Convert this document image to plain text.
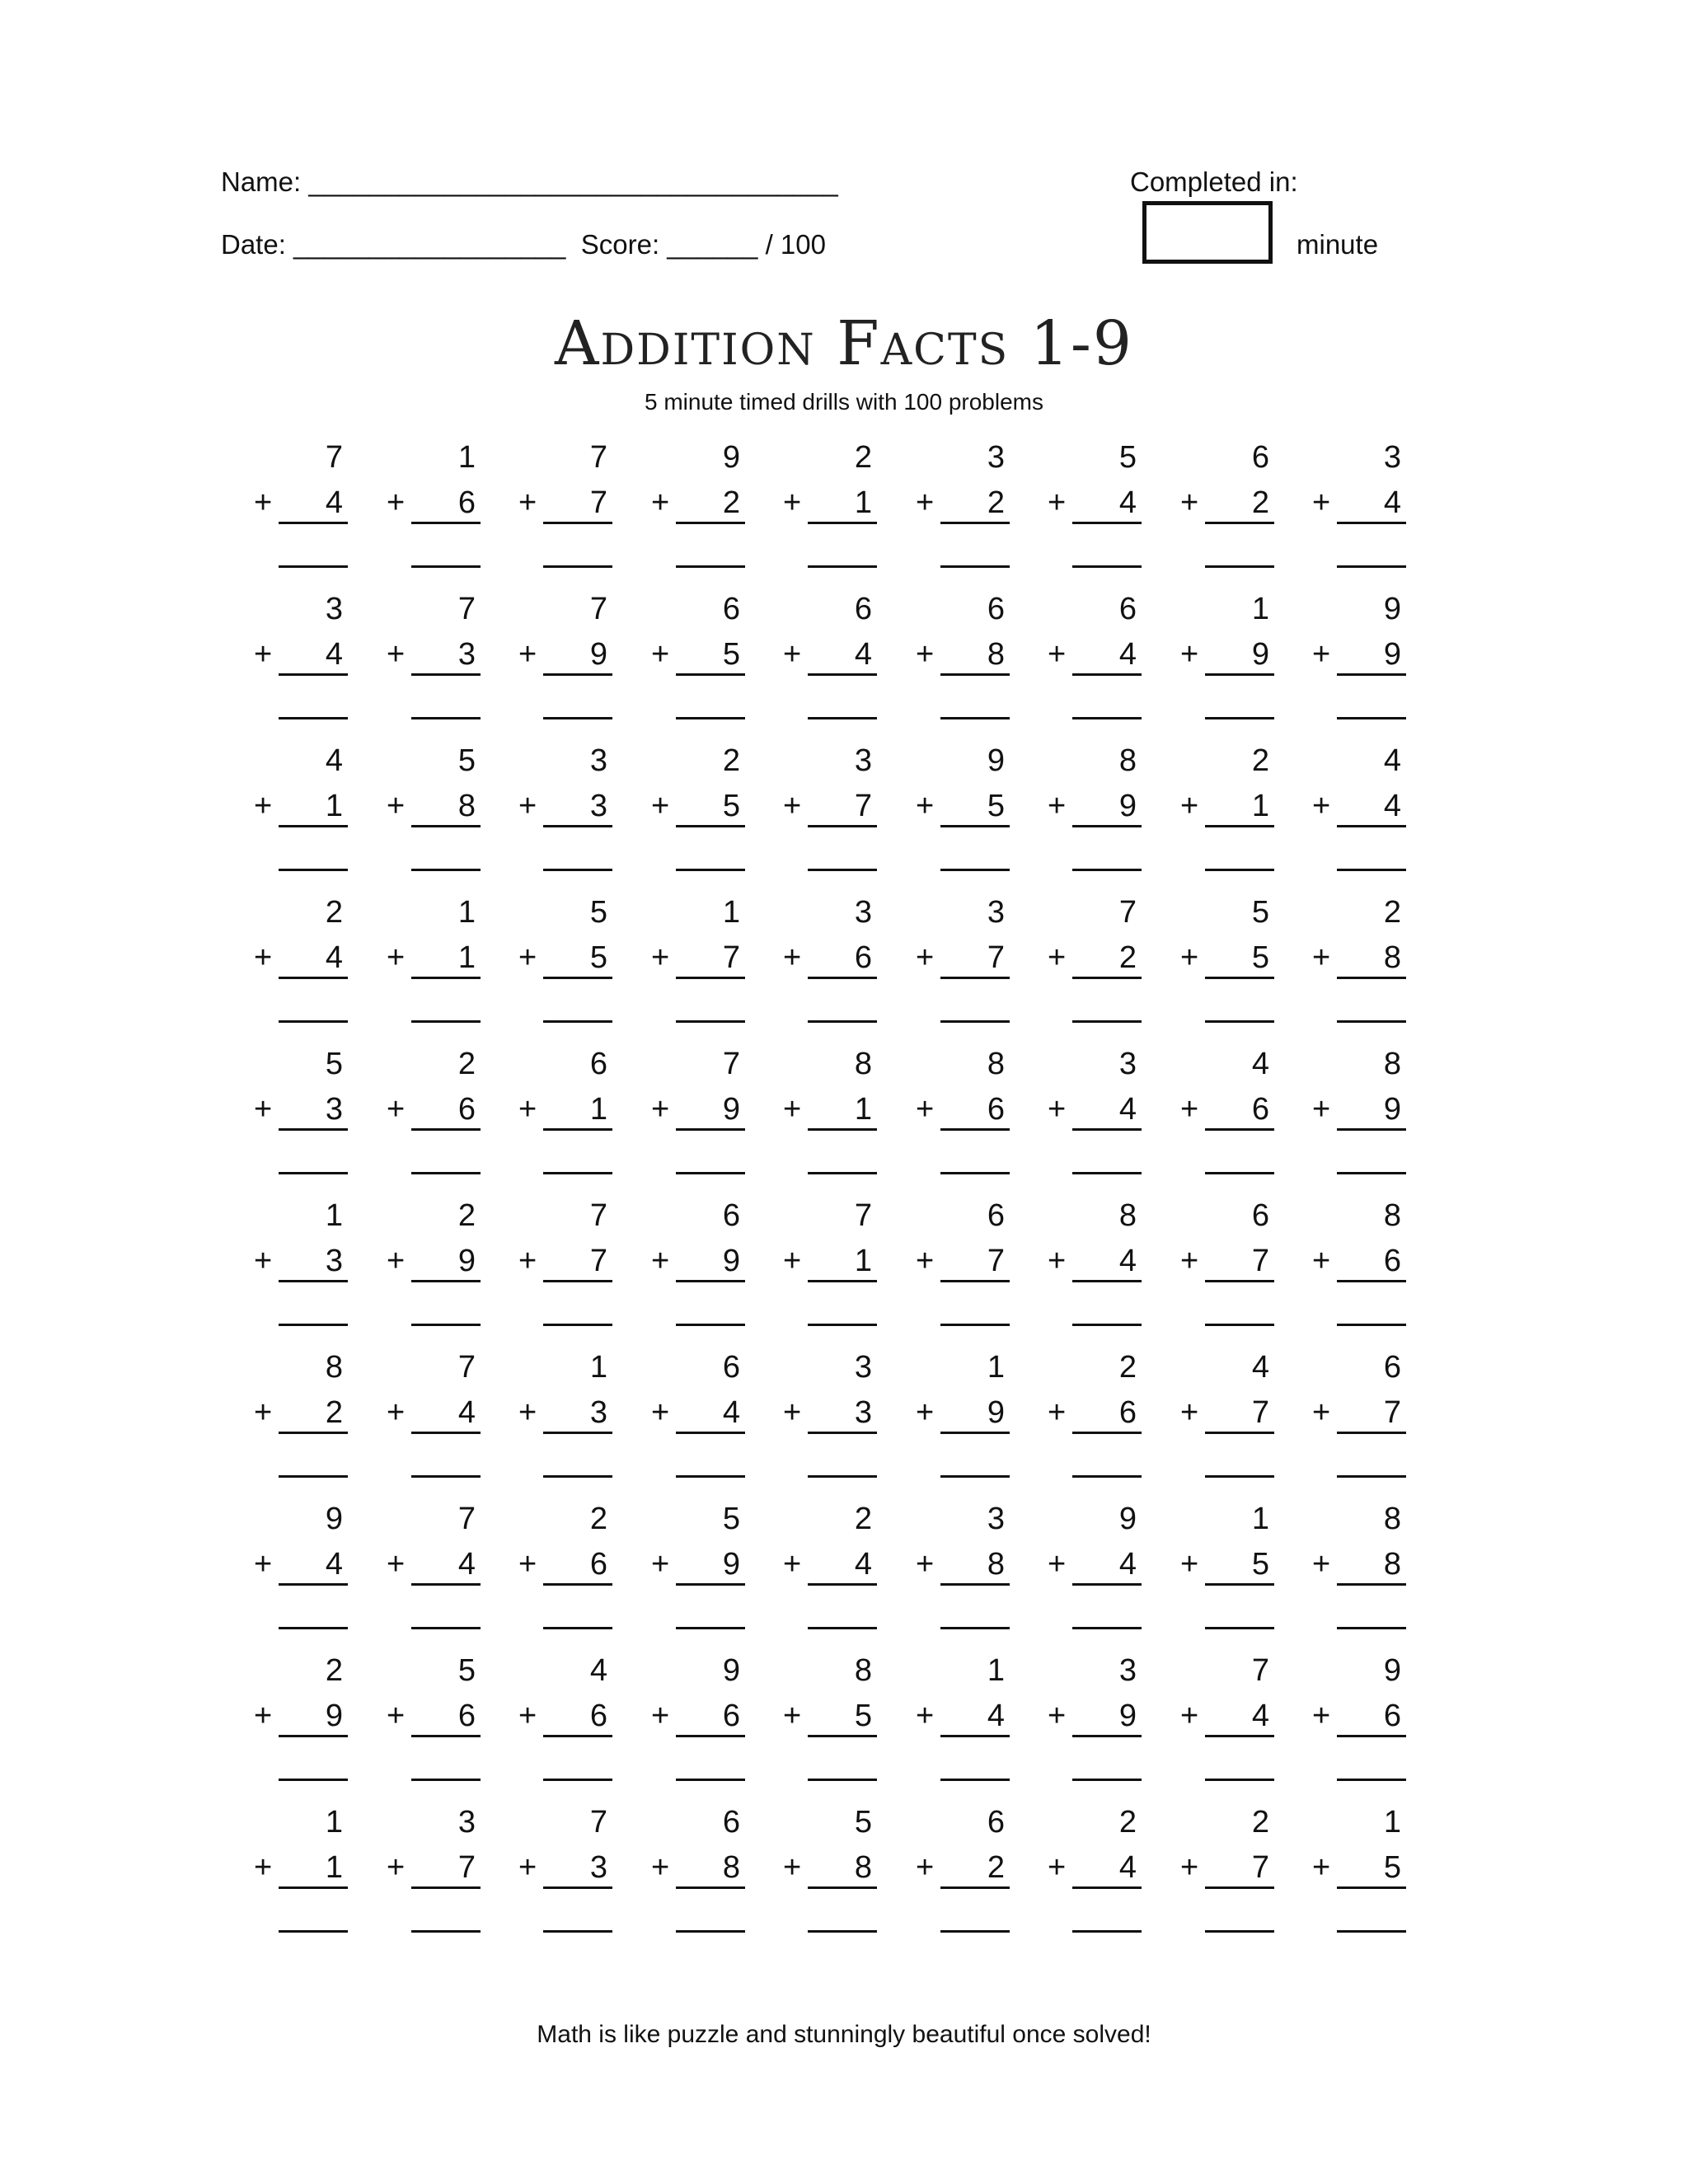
Name: ___________________________________
Date: __________________  Score: ______ / 100
Completed in:
minute
Addition Facts 1-9
5 minute timed drills with 100 problems
7
+ 4
1
+ 6
7
+ 7
9
+ 2
2
+ 1
3
+ 2
5
+ 4
6
+ 2
3
+ 4
3
+ 4
7
+ 3
7
+ 9
6
+ 5
6
+ 4
6
+ 8
6
+ 4
1
+ 9
9
+ 9
4
+ 1
5
+ 8
3
+ 3
2
+ 5
3
+ 7
9
+ 5
8
+ 9
2
+ 1
4
+ 4
2
+ 4
1
+ 1
5
+ 5
1
+ 7
3
+ 6
3
+ 7
7
+ 2
5
+ 5
2
+ 8
5
+ 3
2
+ 6
6
+ 1
7
+ 9
8
+ 1
8
+ 6
3
+ 4
4
+ 6
8
+ 9
1
+ 3
2
+ 9
7
+ 7
6
+ 9
7
+ 1
6
+ 7
8
+ 4
6
+ 7
8
+ 6
8
+ 2
7
+ 4
1
+ 3
6
+ 4
3
+ 3
1
+ 9
2
+ 6
4
+ 7
6
+ 7
9
+ 4
7
+ 4
2
+ 6
5
+ 9
2
+ 4
3
+ 8
9
+ 4
1
+ 5
8
+ 8
2
+ 9
5
+ 6
4
+ 6
9
+ 6
8
+ 5
1
+ 4
3
+ 9
7
+ 4
9
+ 6
1
+ 1
3
+ 7
7
+ 3
6
+ 8
5
+ 8
6
+ 2
2
+ 4
2
+ 7
1
+ 5
Math is like puzzle and stunningly beautiful once solved!
